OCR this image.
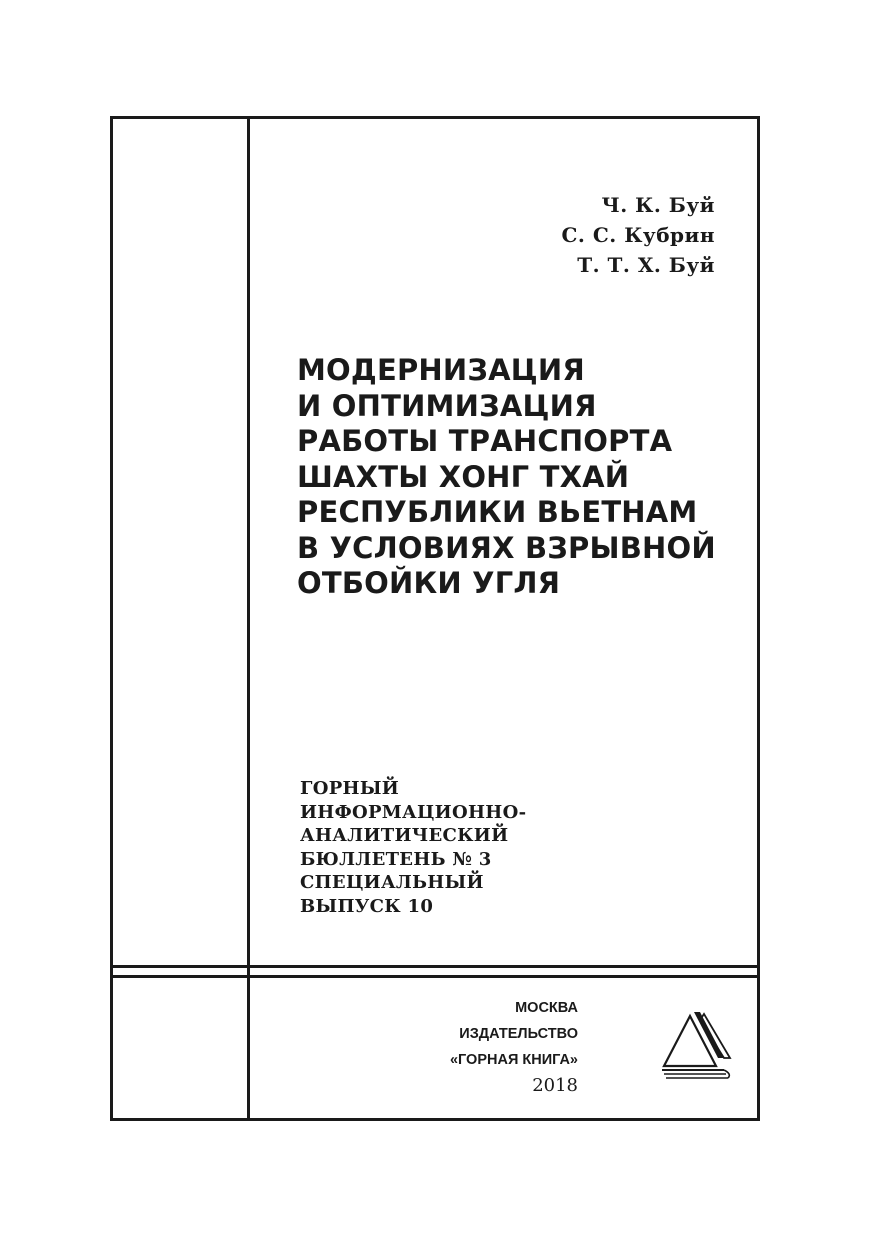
Ч. К. Буй
С. С. Кубрин
Т. Т. Х. Буй
МОДЕРНИЗАЦИЯ
И ОПТИМИЗАЦИЯ
РАБОТЫ ТРАНСПОРТА
ШАХТЫ ХОНГ ТХАЙ
РЕСПУБЛИКИ ВЬЕТНАМ
В УСЛОВИЯХ ВЗРЫВНОЙ
ОТБОЙКИ УГЛЯ
ГОРНЫЙ
ИНФОРМАЦИОННО-
АНАЛИТИЧЕСКИЙ
БЮЛЛЕТЕНЬ № 3
СПЕЦИАЛЬНЫЙ
ВЫПУСК 10
МОСКВА
ИЗДАТЕЛЬСТВО
«ГОРНАЯ КНИГА»
2018
